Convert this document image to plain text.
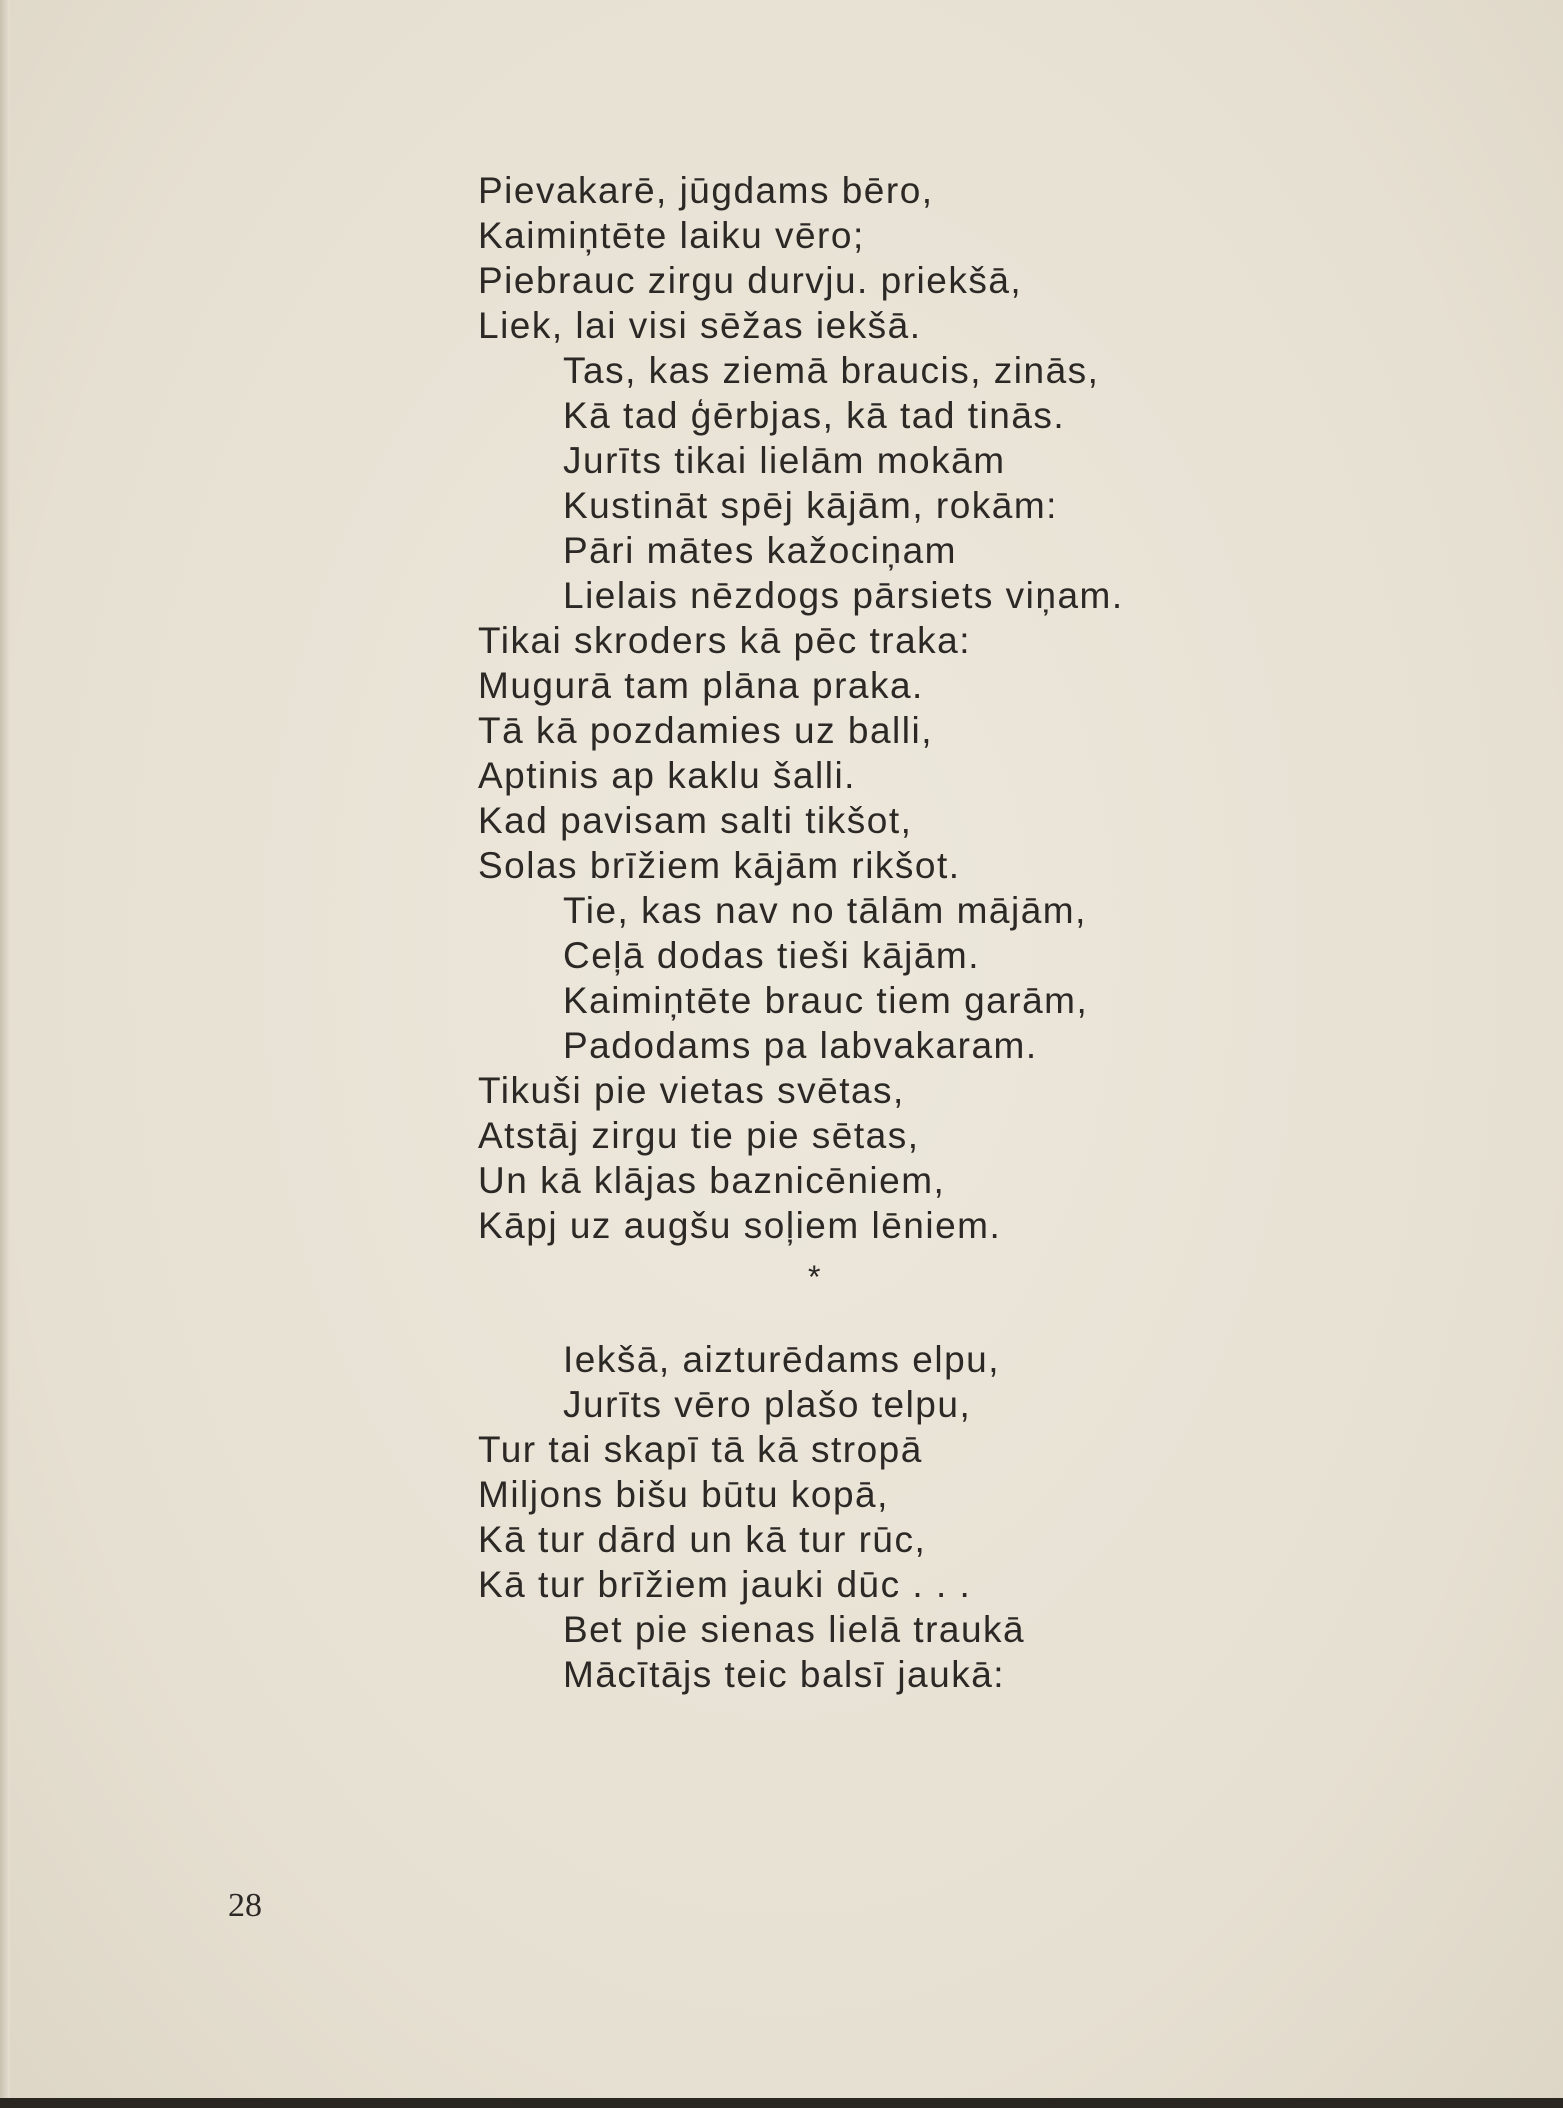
Pievakarē, jūgdams bēro,
Kaimiņtēte laiku vēro;
Piebrauc zirgu durvju. priekšā,
Liek, lai visi sēžas iekšā.
Tas, kas ziemā braucis, zinās,
Kā tad ģērbjas, kā tad tinās.
Jurīts tikai lielām mokām
Kustināt spēj kājām, rokām:
Pāri mātes kažociņam
Lielais nēzdogs pārsiets viņam.
Tikai skroders kā pēc traka:
Mugurā tam plāna praka.
Tā kā pozdamies uz balli,
Aptinis ap kaklu šalli.
Kad pavisam salti tikšot,
Solas brīžiem kājām rikšot.
Tie, kas nav no tālām mājām,
Ceļā dodas tieši kājām.
Kaimiņtēte brauc tiem garām,
Padodams pa labvakaram.
Tikuši pie vietas svētas,
Atstāj zirgu tie pie sētas,
Un kā klājas baznicēniem,
Kāpj uz augšu soļiem lēniem.
*
Iekšā, aizturēdams elpu,
Jurīts vēro plašo telpu,
Tur tai skapī tā kā stropā
Miljons bišu būtu kopā,
Kā tur dārd un kā tur rūc,
Kā tur brīžiem jauki dūc . . .
Bet pie sienas lielā traukā
Mācītājs teic balsī jaukā:
28
